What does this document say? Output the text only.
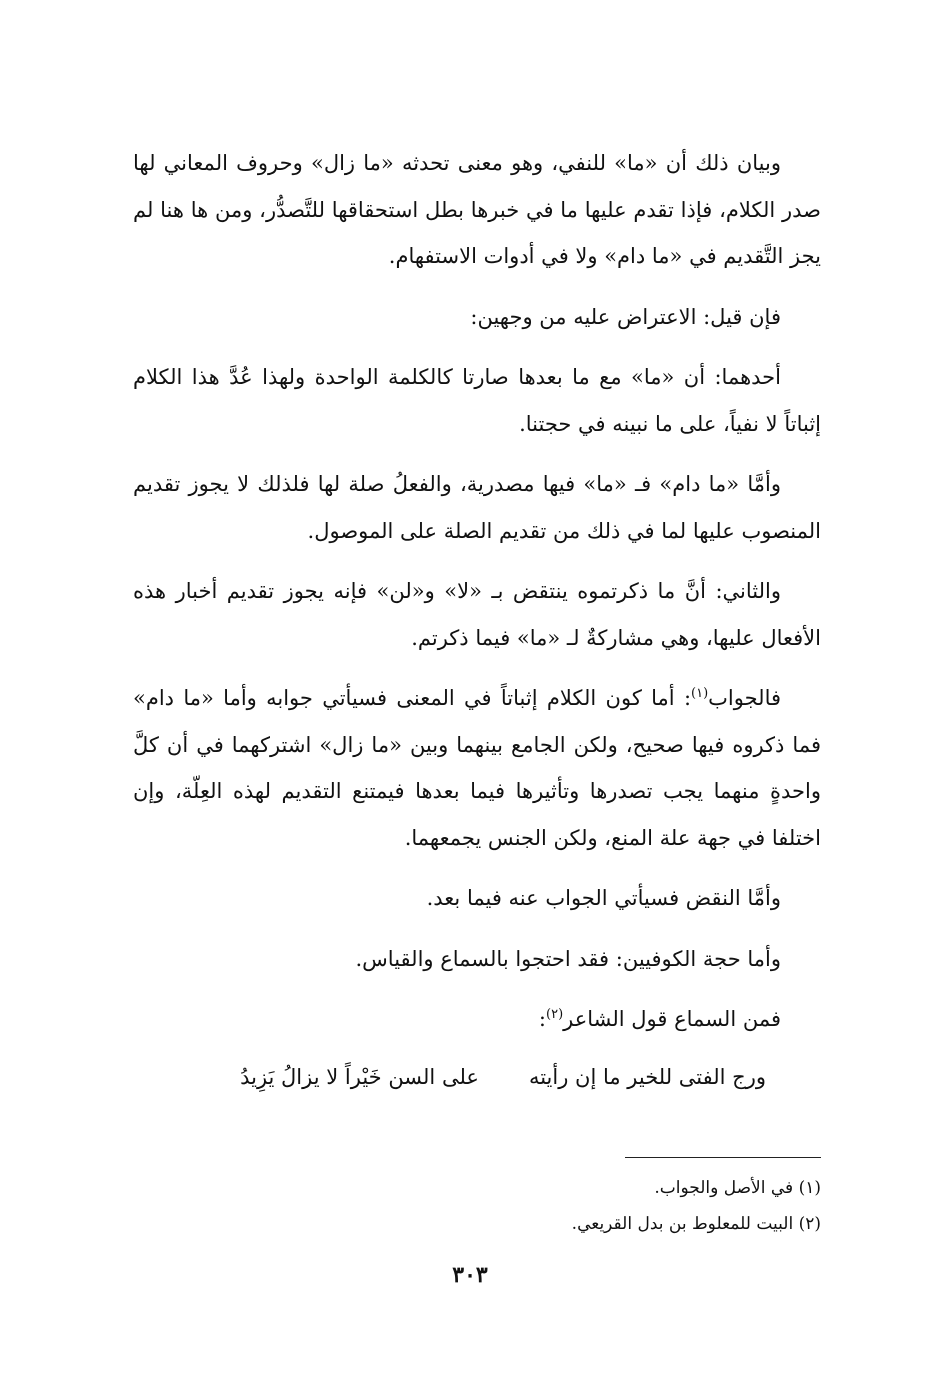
وبيان ذلك أن «ما» للنفي، وهو معنى تحدثه «ما زال» وحروف المعاني لها صدر الكلام، فإذا تقدم عليها ما في خبرها بطل استحقاقها للتَّصدُّر، ومن ها هنا لم يجز التَّقديم في «ما دام» ولا في أدوات الاستفهام.

فإن قيل: الاعتراض عليه من وجهين:

أحدهما: أن «ما» مع ما بعدها صارتا كالكلمة الواحدة ولهذا عُدَّ هذا الكلام إثباتاً لا نفياً، على ما نبينه في حجتنا.

وأمَّا «ما دام» فـ «ما» فيها مصدرية، والفعلُ صلة لها فلذلك لا يجوز تقديم المنصوب عليها لما في ذلك من تقديم الصلة على الموصول.

والثاني: أنَّ ما ذكرتموه ينتقض بـ «لا» و«لن» فإنه يجوز تقديم أخبار هذه الأفعال عليها، وهي مشاركةٌ لـ «ما» فيما ذكرتم.

فالجواب$^{(١)}$: أما كون الكلام إثباتاً في المعنى فسيأتي جوابه وأما «ما دام» فما ذكروه فيها صحيح، ولكن الجامع بينهما وبين «ما زال» اشتركهما في أن كلَّ واحدةٍ منهما يجب تصدرها وتأثيرها فيما بعدها فيمتنع التقديم لهذه العِلّة، وإن اختلفا في جهة علة المنع، ولكن الجنس يجمعهما.

وأمَّا النقض فسيأتي الجواب عنه فيما بعد.

وأما حجة الكوفيين: فقد احتجوا بالسماع والقياس.

فمن السماع قول الشاعر$^{(٢)}$:

ورج الفتى للخير ما إن رأيته
على السن خَيْراً لا يزالُ يَزِيدُ
(١) في الأصل والجواب.
(٢) البيت للمعلوط بن بدل القريعي.
٣٠٣
